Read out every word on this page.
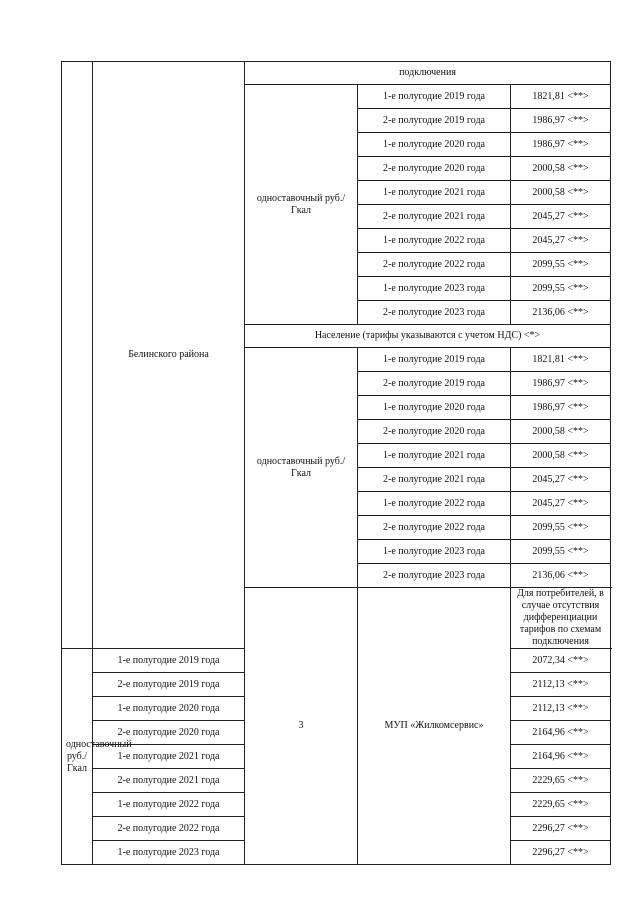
	Белинского района	подключения		
		одноставочный руб./Гкал	1-е полугодие 2019 года	1821,81 <**>
			2-е полугодие 2019 года	1986,97 <**>
			1-е полугодие 2020 года	1986,97 <**>
			2-е полугодие 2020 года	2000,58 <**>
			1-е полугодие 2021 года	2000,58 <**>
			2-е полугодие 2021 года	2045,27 <**>
			1-е полугодие 2022 года	2045,27 <**>
			2-е полугодие 2022 года	2099,55 <**>
			1-е полугодие 2023 года	2099,55 <**>
			2-е полугодие 2023 года	2136,06 <**>
		Население (тарифы указываются с учетом НДС) <*>		
		одноставочный руб./Гкал	1-е полугодие 2019 года	1821,81 <**>
			2-е полугодие 2019 года	1986,97 <**>
			1-е полугодие 2020 года	1986,97 <**>
			2-е полугодие 2020 года	2000,58 <**>
			1-е полугодие 2021 года	2000,58 <**>
			2-е полугодие 2021 года	2045,27 <**>
			1-е полугодие 2022 года	2045,27 <**>
			2-е полугодие 2022 года	2099,55 <**>
			1-е полугодие 2023 года	2099,55 <**>
			2-е полугодие 2023 года	2136,06 <**>
		3	МУП «Жилкомсервис»	Для потребителей, в случае отсутствия дифференциации тарифов по схемам подключения
одноставочный руб./Гкал	1-е полугодие 2019 года			2072,34 <**>
	2-е полугодие 2019 года			2112,13 <**>
	1-е полугодие 2020 года			2112,13 <**>
	2-е полугодие 2020 года			2164,96 <**>
	1-е полугодие 2021 года			2164,96 <**>
	2-е полугодие 2021 года			2229,65 <**>
	1-е полугодие 2022 года			2229,65 <**>
	2-е полугодие 2022 года			2296,27 <**>
	1-е полугодие 2023 года			2296,27 <**>
